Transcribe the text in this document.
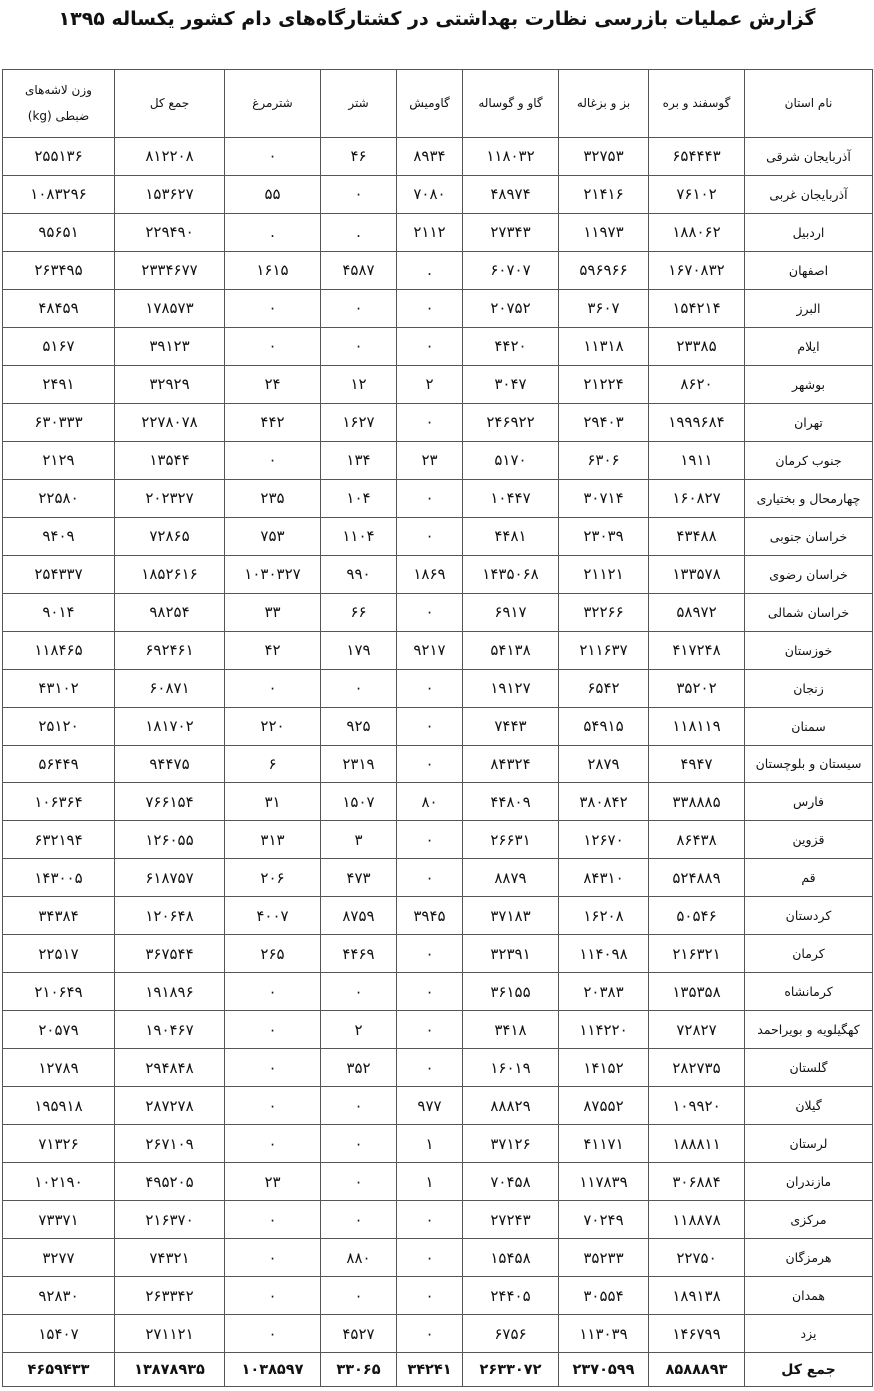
گزارش عملیات بازرسی نظارت بهداشتی در کشتارگاه‌های دام کشور یکساله ۱۳۹۵
نام استان	گوسفند و بره	بز و بزغاله	گاو و گوساله	گاومیش	شتر	شترمرغ	جمع کل	وزن لاشه‌های
ضبطی (kg)

آذربایجان شرقی	۶۵۴۴۴۳	۳۲۷۵۳	۱۱۸۰۳۲	۸۹۳۴	۴۶	۰	۸۱۲۲۰۸	۲۵۵۱۳۶
آذربایجان غربی	۷۶۱۰۲	۲۱۴۱۶	۴۸۹۷۴	۷۰۸۰	۰	۵۵	۱۵۳۶۲۷	۱۰۸۳۲۹۶
اردبیل	۱۸۸۰۶۲	۱۱۹۷۳	۲۷۳۴۳	۲۱۱۲	.	.	۲۲۹۴۹۰	۹۵۶۵۱
اصفهان	۱۶۷۰۸۳۲	۵۹۶۹۶۶	۶۰۷۰۷	.	۴۵۸۷	۱۶۱۵	۲۳۳۴۶۷۷	۲۶۳۴۹۵
البرز	۱۵۴۲۱۴	۳۶۰۷	۲۰۷۵۲	۰	۰	۰	۱۷۸۵۷۳	۴۸۴۵۹
ایلام	۲۳۳۸۵	۱۱۳۱۸	۴۴۲۰	۰	۰	۰	۳۹۱۲۳	۵۱۶۷
بوشهر	۸۶۲۰	۲۱۲۲۴	۳۰۴۷	۲	۱۲	۲۴	۳۲۹۲۹	۲۴۹۱
تهران	۱۹۹۹۶۸۴	۲۹۴۰۳	۲۴۶۹۲۲	۰	۱۶۲۷	۴۴۲	۲۲۷۸۰۷۸	۶۳۰۳۳۳
جنوب کرمان	۱۹۱۱	۶۳۰۶	۵۱۷۰	۲۳	۱۳۴	۰	۱۳۵۴۴	۲۱۲۹
چهارمحال و بختیاری	۱۶۰۸۲۷	۳۰۷۱۴	۱۰۴۴۷	۰	۱۰۴	۲۳۵	۲۰۲۳۲۷	۲۲۵۸۰
خراسان جنوبی	۴۳۴۸۸	۲۳۰۳۹	۴۴۸۱	۰	۱۱۰۴	۷۵۳	۷۲۸۶۵	۹۴۰۹
خراسان رضوی	۱۳۳۵۷۸	۲۱۱۲۱	۱۴۳۵۰۶۸	۱۸۶۹	۹۹۰	۱۰۳۰۳۲۷	۱۸۵۲۶۱۶	۲۵۴۳۳۷
خراسان شمالی	۵۸۹۷۲	۳۲۲۶۶	۶۹۱۷	۰	۶۶	۳۳	۹۸۲۵۴	۹۰۱۴
خوزستان	۴۱۷۲۴۸	۲۱۱۶۳۷	۵۴۱۳۸	۹۲۱۷	۱۷۹	۴۲	۶۹۲۴۶۱	۱۱۸۴۶۵
زنجان	۳۵۲۰۲	۶۵۴۲	۱۹۱۲۷	۰	۰	۰	۶۰۸۷۱	۴۳۱۰۲
سمنان	۱۱۸۱۱۹	۵۴۹۱۵	۷۴۴۳	۰	۹۲۵	۲۲۰	۱۸۱۷۰۲	۲۵۱۲۰
سیستان و بلوچستان	۴۹۴۷	۲۸۷۹	۸۴۳۲۴	۰	۲۳۱۹	۶	۹۴۴۷۵	۵۶۴۴۹
فارس	۳۳۸۸۸۵	۳۸۰۸۴۲	۴۴۸۰۹	۸۰	۱۵۰۷	۳۱	۷۶۶۱۵۴	۱۰۶۳۶۴
قزوین	۸۶۴۳۸	۱۲۶۷۰	۲۶۶۳۱	۰	۳	۳۱۳	۱۲۶۰۵۵	۶۳۲۱۹۴
قم	۵۲۴۸۸۹	۸۴۳۱۰	۸۸۷۹	۰	۴۷۳	۲۰۶	۶۱۸۷۵۷	۱۴۳۰۰۵
کردستان	۵۰۵۴۶	۱۶۲۰۸	۳۷۱۸۳	۳۹۴۵	۸۷۵۹	۴۰۰۷	۱۲۰۶۴۸	۳۴۳۸۴
کرمان	۲۱۶۳۲۱	۱۱۴۰۹۸	۳۲۳۹۱	۰	۴۴۶۹	۲۶۵	۳۶۷۵۴۴	۲۲۵۱۷
کرمانشاه	۱۳۵۳۵۸	۲۰۳۸۳	۳۶۱۵۵	۰	۰	۰	۱۹۱۸۹۶	۲۱۰۶۴۹
کهگیلویه و بویراحمد	۷۲۸۲۷	۱۱۴۲۲۰	۳۴۱۸	۰	۲	۰	۱۹۰۴۶۷	۲۰۵۷۹
گلستان	۲۸۲۷۳۵	۱۴۱۵۲	۱۶۰۱۹	۰	۳۵۲	۰	۲۹۴۸۴۸	۱۲۷۸۹
گیلان	۱۰۹۹۲۰	۸۷۵۵۲	۸۸۸۲۹	۹۷۷	۰	۰	۲۸۷۲۷۸	۱۹۵۹۱۸
لرستان	۱۸۸۸۱۱	۴۱۱۷۱	۳۷۱۲۶	۱	۰	۰	۲۶۷۱۰۹	۷۱۳۲۶
مازندران	۳۰۶۸۸۴	۱۱۷۸۳۹	۷۰۴۵۸	۱	۰	۲۳	۴۹۵۲۰۵	۱۰۲۱۹۰
مرکزی	۱۱۸۸۷۸	۷۰۲۴۹	۲۷۲۴۳	۰	۰	۰	۲۱۶۳۷۰	۷۳۳۷۱
هرمزگان	۲۲۷۵۰	۳۵۲۳۳	۱۵۴۵۸	۰	۸۸۰	۰	۷۴۳۲۱	۳۲۷۷
همدان	۱۸۹۱۳۸	۳۰۵۵۴	۲۴۴۰۵	۰	۰	۰	۲۶۳۳۴۲	۹۲۸۳۰
یزد	۱۴۶۷۹۹	۱۱۳۰۳۹	۶۷۵۶	۰	۴۵۲۷	۰	۲۷۱۱۲۱	۱۵۴۰۷
جمع کل	۸۵۸۸۸۹۳	۲۳۷۰۵۹۹	۲۶۳۳۰۷۲	۳۴۲۴۱	۳۳۰۶۵	۱۰۳۸۵۹۷	۱۳۸۷۸۹۳۵	۴۶۵۹۴۳۳
